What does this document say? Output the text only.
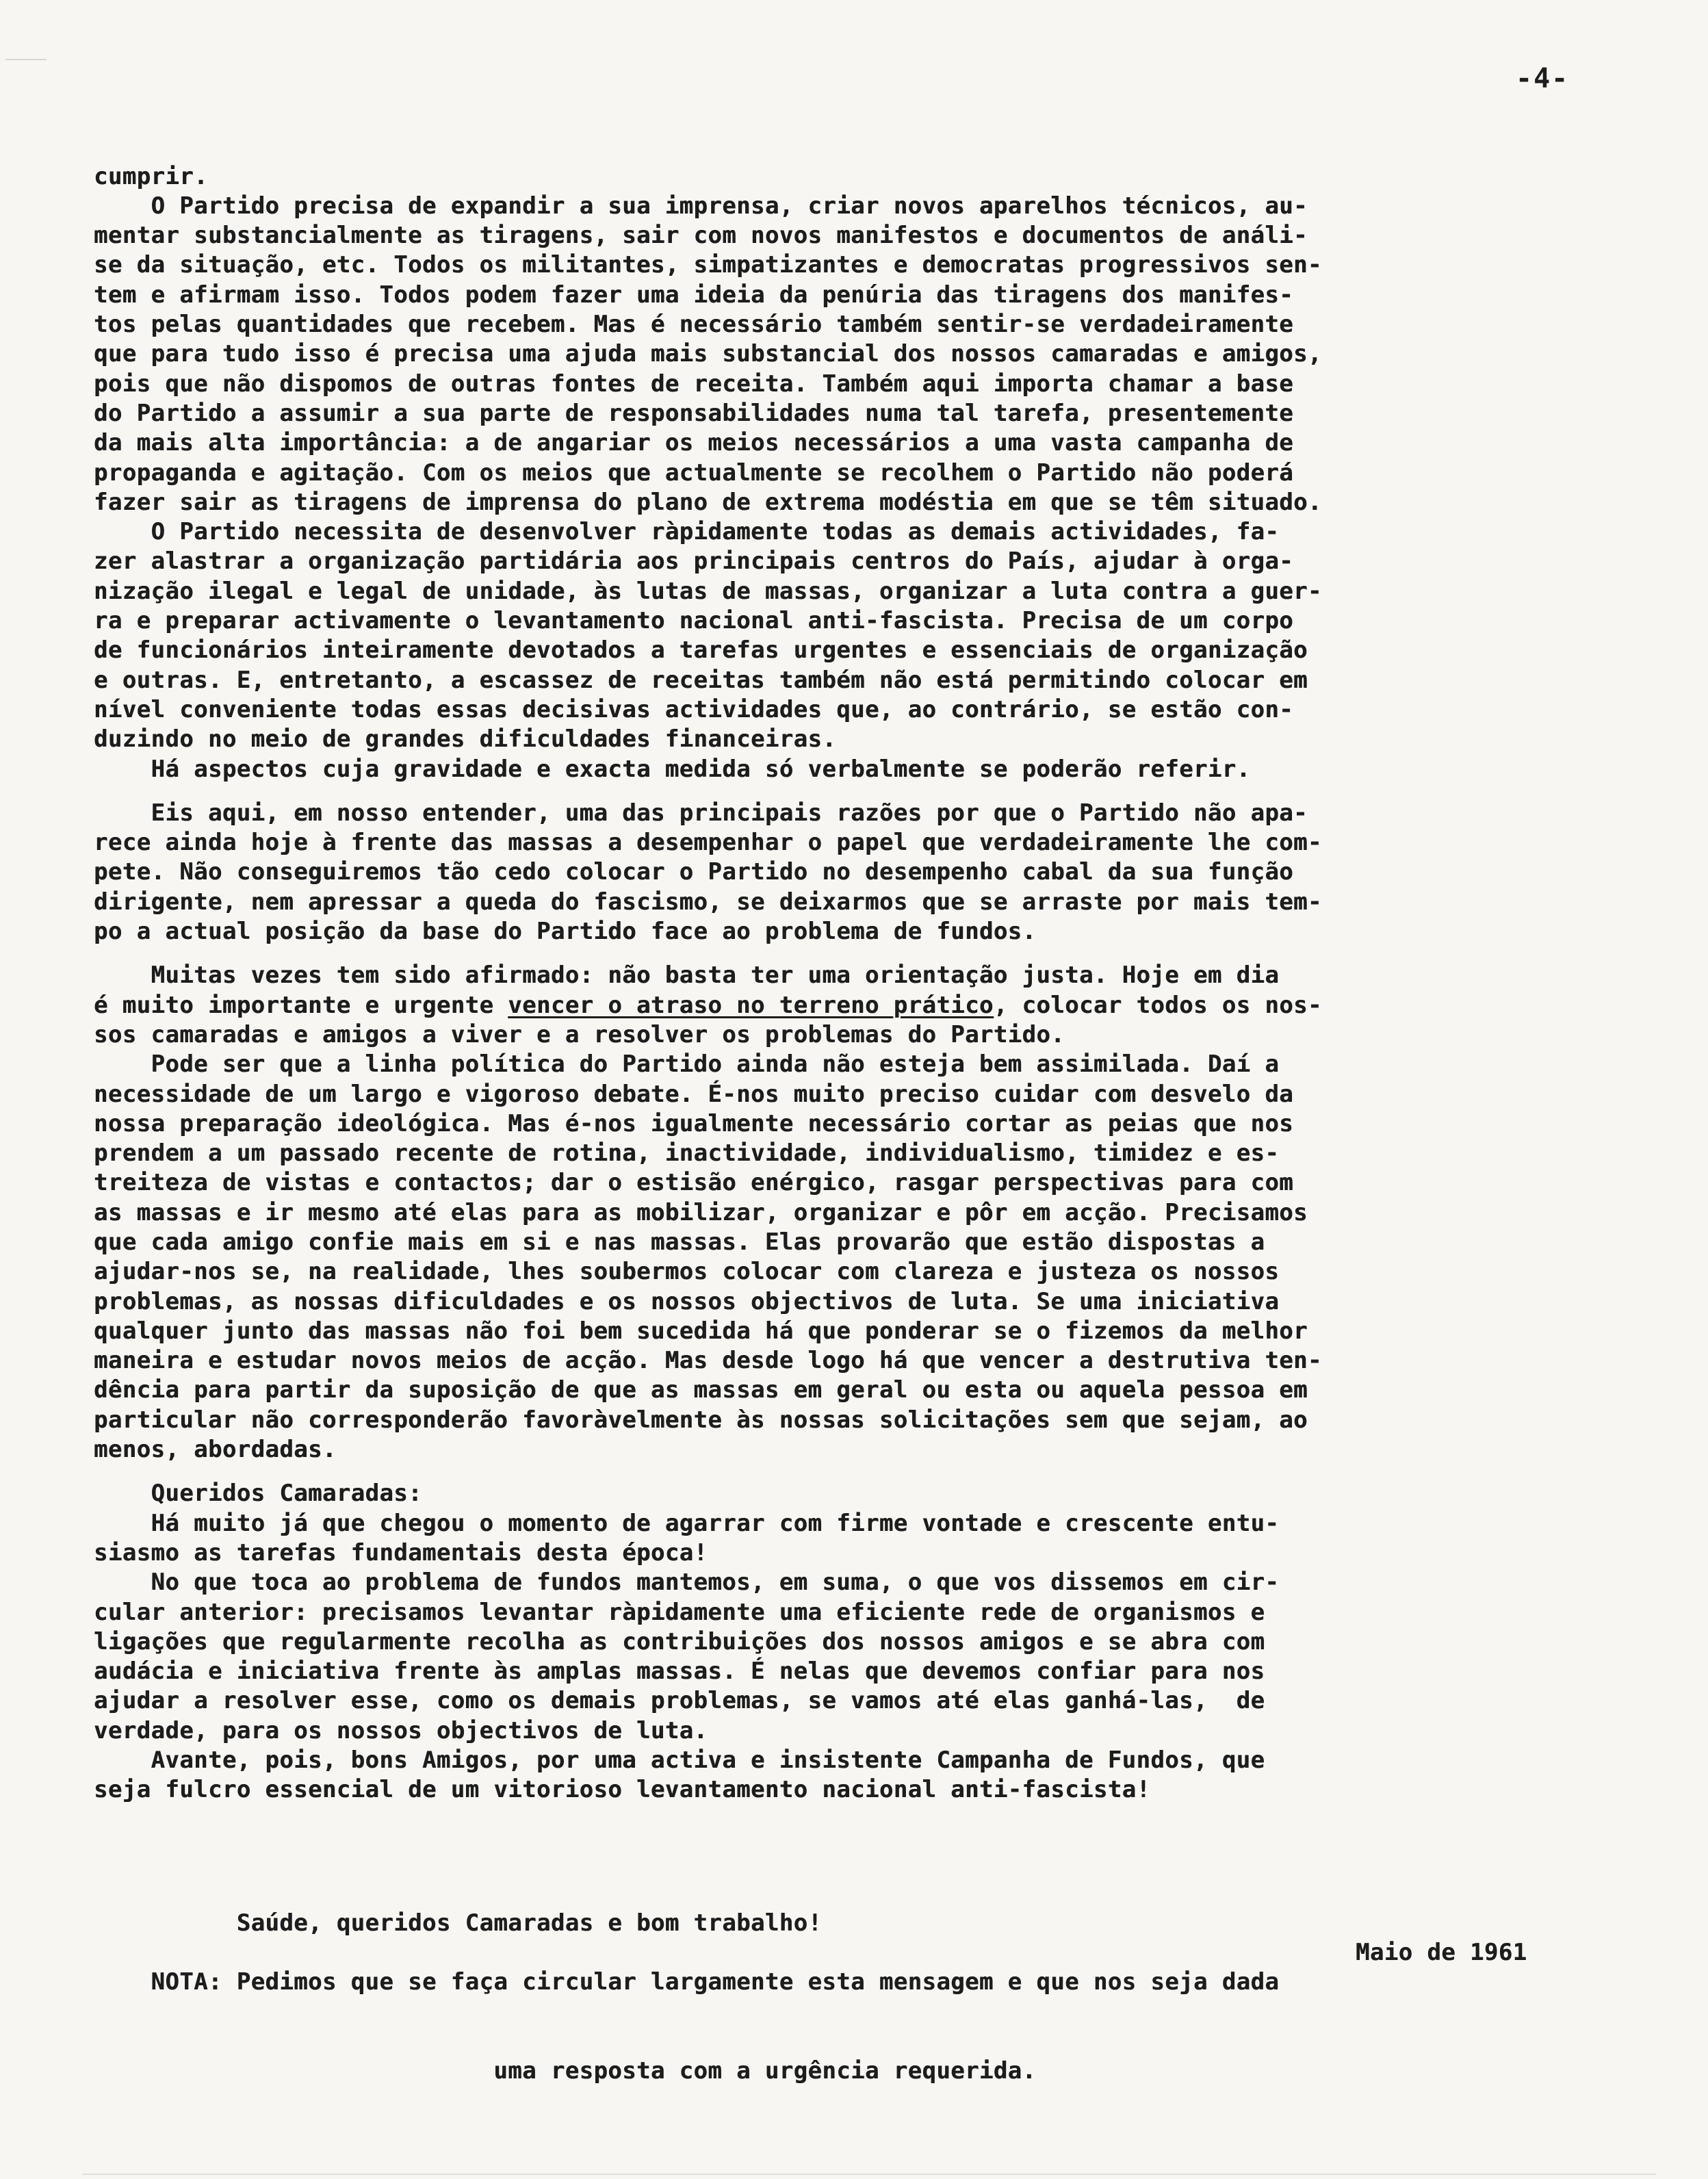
-4-

cumprir.
O Partido precisa de expandir a sua imprensa, criar novos aparelhos técnicos, au-
mentar substancialmente as tiragens, sair com novos manifestos e documentos de análi-
se da situação, etc. Todos os militantes, simpatizantes e democratas progressivos sen-
tem e afirmam isso. Todos podem fazer uma ideia da penúria das tiragens dos manifes-
tos pelas quantidades que recebem. Mas é necessário também sentir-se verdadeiramente
que para tudo isso é precisa uma ajuda mais substancial dos nossos camaradas e amigos,
pois que não dispomos de outras fontes de receita. Também aqui importa chamar a base
do Partido a assumir a sua parte de responsabilidades numa tal tarefa, presentemente
da mais alta importância: a de angariar os meios necessários a uma vasta campanha de
propaganda e agitação. Com os meios que actualmente se recolhem o Partido não poderá
fazer sair as tiragens de imprensa do plano de extrema modéstia em que se têm situado.
O Partido necessita de desenvolver ràpidamente todas as demais actividades, fa-
zer alastrar a organização partidária aos principais centros do País, ajudar à orga-
nização ilegal e legal de unidade, às lutas de massas, organizar a luta contra a guer-
ra e preparar activamente o levantamento nacional anti-fascista. Precisa de um corpo
de funcionários inteiramente devotados a tarefas urgentes e essenciais de organização
e outras. E, entretanto, a escassez de receitas também não está permitindo colocar em
nível conveniente todas essas decisivas actividades que, ao contrário, se estão con-
duzindo no meio de grandes dificuldades financeiras.
Há aspectos cuja gravidade e exacta medida só verbalmente se poderão referir.
Eis aqui, em nosso entender, uma das principais razões por que o Partido não apa-
rece ainda hoje à frente das massas a desempenhar o papel que verdadeiramente lhe com-
pete. Não conseguiremos tão cedo colocar o Partido no desempenho cabal da sua função
dirigente, nem apressar a queda do fascismo, se deixarmos que se arraste por mais tem-
po a actual posição da base do Partido face ao problema de fundos.
Muitas vezes tem sido afirmado: não basta ter uma orientação justa. Hoje em dia
é muito importante e urgente vencer o atraso no terreno prático, colocar todos os nos-
sos camaradas e amigos a viver e a resolver os problemas do Partido.
Pode ser que a linha política do Partido ainda não esteja bem assimilada. Daí a
necessidade de um largo e vigoroso debate. É-nos muito preciso cuidar com desvelo da
nossa preparação ideológica. Mas é-nos igualmente necessário cortar as peias que nos
prendem a um passado recente de rotina, inactividade, individualismo, timidez e es-
treiteza de vistas e contactos; dar o estisão enérgico, rasgar perspectivas para com
as massas e ir mesmo até elas para as mobilizar, organizar e pôr em acção. Precisamos
que cada amigo confie mais em si e nas massas. Elas provarão que estão dispostas a
ajudar-nos se, na realidade, lhes soubermos colocar com clareza e justeza os nossos
problemas, as nossas dificuldades e os nossos objectivos de luta. Se uma iniciativa
qualquer junto das massas não foi bem sucedida há que ponderar se o fizemos da melhor
maneira e estudar novos meios de acção. Mas desde logo há que vencer a destrutiva ten-
dência para partir da suposição de que as massas em geral ou esta ou aquela pessoa em
particular não corresponderão favoràvelmente às nossas solicitações sem que sejam, ao
menos, abordadas.
Queridos Camaradas:
Há muito já que chegou o momento de agarrar com firme vontade e crescente entu-
siasmo as tarefas fundamentais desta época!
No que toca ao problema de fundos mantemos, em suma, o que vos dissemos em cir-
cular anterior: precisamos levantar ràpidamente uma eficiente rede de organismos e
ligações que regularmente recolha as contribuições dos nossos amigos e se abra com
audácia e iniciativa frente às amplas massas. É nelas que devemos confiar para nos
ajudar a resolver esse, como os demais problemas, se vamos até elas ganhá-las,  de
verdade, para os nossos objectivos de luta.
Avante, pois, bons Amigos, por uma activa e insistente Campanha de Fundos, que
seja fulcro essencial de um vitorioso levantamento nacional anti-fascista!

Saúde, queridos Camaradas e bom trabalho!

Maio de 1961

NOTA: Pedimos que se faça circular largamente esta mensagem e que nos seja dada

uma resposta com a urgência requerida.
